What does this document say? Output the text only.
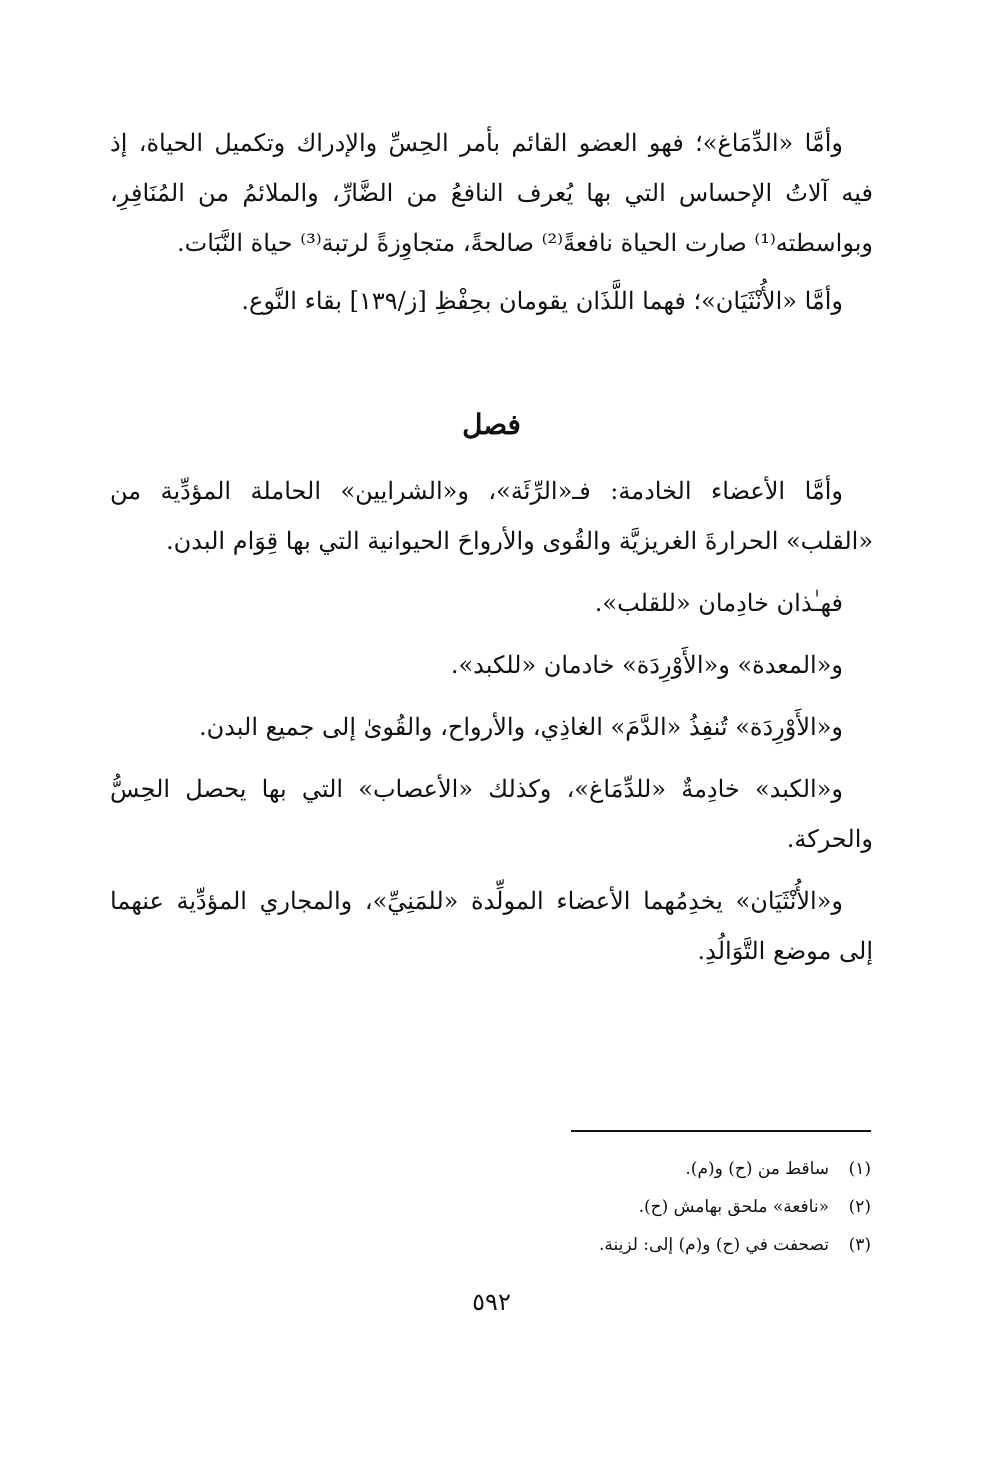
وأمَّا «الدِّمَاغ»؛ فهو العضو القائم بأمر الحِسِّ والإدراك وتكميل الحياة، إذ فيه آلاتُ الإحساس التي بها يُعرف النافعُ من الضَّارِّ، والملائمُ من المُنَافِرِ، وبواسطته⁽¹⁾ صارت الحياة نافعةً⁽²⁾ صالحةً، متجاوِزةً لرتبة⁽³⁾ حياة النَّبَات.

وأمَّا «الأُنْثَيَان»؛ فهما اللَّذَان يقومان بحِفْظِ [ز/١٣٩] بقاء النَّوع.

فصل

وأمَّا الأعضاء الخادمة: فـ«الرِّئَة»، و«الشرايين» الحاملة المؤدِّية من «القلب» الحرارةَ الغريزيَّة والقُوى والأرواحَ الحيوانية التي بها قِوَام البدن.

فهـٰذان خادِمان «للقلب».

و«المعدة» و«الأَوْرِدَة» خادمان «للكبد».

و«الأَوْرِدَة» تُنفِذُ «الدَّمَ» الغاذِي، والأرواح، والقُوىٰ إلى جميع البدن.

و«الكبد» خادِمةٌ «للدِّمَاغ»، وكذلك «الأعصاب» التي بها يحصل الحِسُّ والحركة.

و«الأُنْثَيَان» يخدِمُهما الأعضاء المولِّدة «للمَنِيِّ»، والمجاري المؤدِّية عنهما إلى موضع التَّوَالُدِ.

(١)ساقط من (ح) و(م).
(٢)«نافعة» ملحق بهامش (ح).
(٣)تصحفت في (ح) و(م) إلى: لزينة.
٥٩٢
